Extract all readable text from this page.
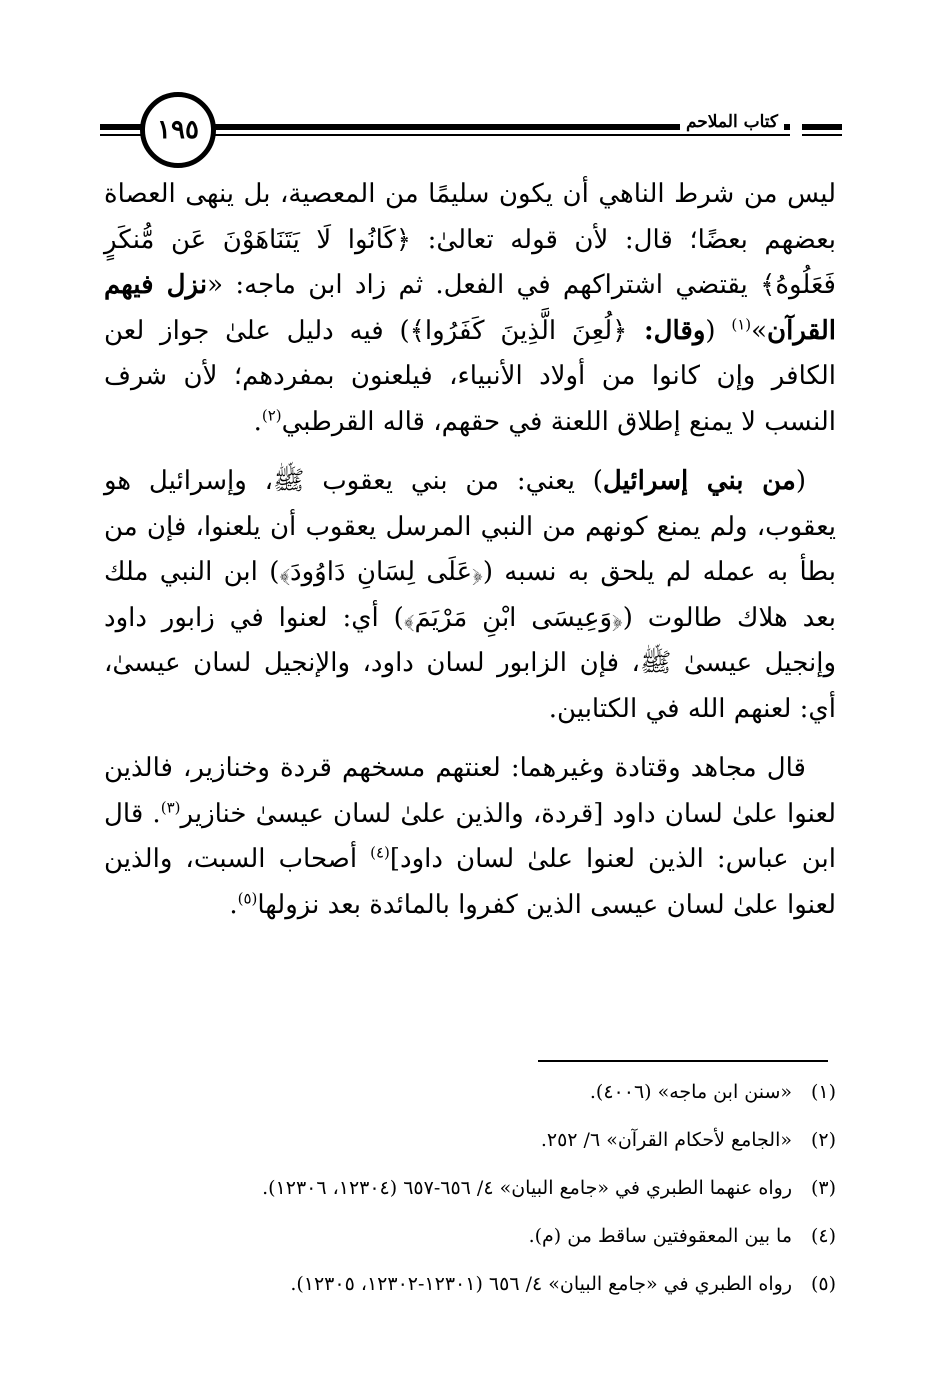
كتاب الملاحم
١٩٥

ليس من شرط الناهي أن يكون سليمًا من المعصية، بل ينهى العصاة بعضهم بعضًا؛ قال: لأن قوله تعالىٰ: ﴿كَانُوا لَا يَتَنَاهَوْنَ عَن مُّنكَرٍ فَعَلُوهُ﴾ يقتضي اشتراكهم في الفعل. ثم زاد ابن ماجه: «نزل فيهم القرآن»$^{(١)}$ (وقال: ﴿لُعِنَ الَّذِينَ كَفَرُوا﴾) فيه دليل علىٰ جواز لعن الكافر وإن كانوا من أولاد الأنبياء، فيلعنون بمفردهم؛ لأن شرف النسب لا يمنع إطلاق اللعنة في حقهم، قاله القرطبي$^{(٢)}$.

(من بني إسرائيل) يعني: من بني يعقوب ﷺ، وإسرائيل هو يعقوب، ولم يمنع كونهم من النبي المرسل يعقوب أن يلعنوا، فإن من بطأ به عمله لم يلحق به نسبه (﴿عَلَى لِسَانِ دَاوُودَ﴾) ابن النبي ملك بعد هلاك طالوت (﴿وَعِيسَى ابْنِ مَرْيَمَ﴾) أي: لعنوا في زابور داود وإنجيل عيسىٰ ﷺ، فإن الزابور لسان داود، والإنجيل لسان عيسىٰ، أي: لعنهم الله في الكتابين.

قال مجاهد وقتادة وغيرهما: لعنتهم مسخهم قردة وخنازير، فالذين لعنوا علىٰ لسان داود [قردة، والذين علىٰ لسان عيسىٰ خنازير$^{(٣)}$. قال ابن عباس: الذين لعنوا علىٰ لسان داود]$^{(٤)}$ أصحاب السبت، والذين لعنوا علىٰ لسان عيسى الذين كفروا بالمائدة بعد نزولها$^{(٥)}$.

(١)«سنن ابن ماجه» (٤٠٠٦).
(٢)«الجامع لأحكام القرآن» ٦/ ٢٥٢.
(٣)رواه عنهما الطبري في «جامع البيان» ٤/ ٦٥٦-٦٥٧ (١٢٣٠٤، ١٢٣٠٦).
(٤)ما بين المعقوفتين ساقط من (م).
(٥)رواه الطبري في «جامع البيان» ٤/ ٦٥٦ (١٢٣٠١-١٢٣٠٢، ١٢٣٠٥).
